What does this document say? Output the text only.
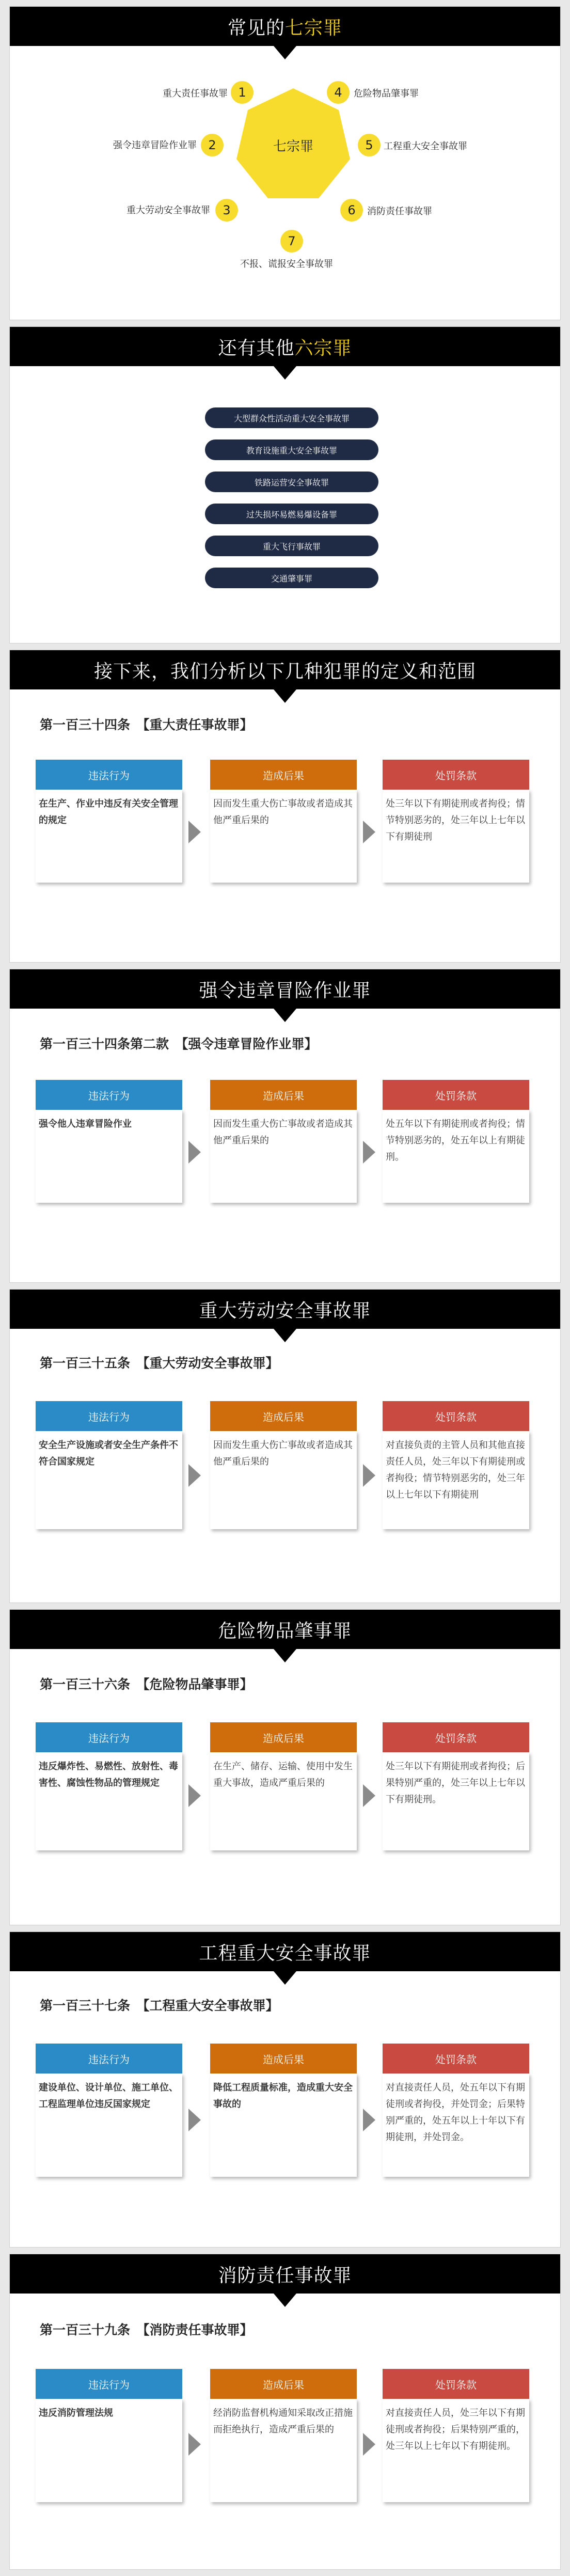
常见的 七宗罪
七宗罪
重大责任事故罪 1
强令违章冒险作业罪 2
重大劳动安全事故罪	3
4	危险物品肇事罪
5	工程重大安全事故罪
6	消防责任事故罪
7
不报、谎报安全事故罪
还有其他 六宗罪
大型群众性活动重大安全事故罪
教育设施重大安全事故罪
铁路运营安全事故罪
过失损坏易燃易爆设备罪
重大飞行事故罪
交通肇事罪
接下来，我们分析以下几种犯罪的定义和范围
第一百三十四条　【重大责任事故罪】
违法行为
在生产、作业中违反有关安全管理的规定
造成后果
因而发生重大伤亡事故或者造成其他严重后果的
处罚条款
处三年以下有期徒刑或者拘役；情节特别恶劣的，处三年以上七年以下有期徒刑
强令违章冒险作业罪
第一百三十四条第二款　【强令违章冒险作业罪】
违法行为
强令他人违章冒险作业
造成后果
因而发生重大伤亡事故或者造成其他严重后果的
处罚条款
处五年以下有期徒刑或者拘役；情节特别恶劣的，处五年以上有期徒刑。
重大劳动安全事故罪
第一百三十五条　【重大劳动安全事故罪】
违法行为
安全生产设施或者安全生产条件不符合国家规定
造成后果
因而发生重大伤亡事故或者造成其他严重后果的
处罚条款
对直接负责的主管人员和其他直接责任人员，处三年以下有期徒刑或者拘役；情节特别恶劣的，处三年以上七年以下有期徒刑
危险物品肇事罪
第一百三十六条　【危险物品肇事罪】
违法行为
违反爆炸性、易燃性、放射性、毒害性、腐蚀性物品的管理规定
造成后果
在生产、储存、运输、使用中发生重大事故，造成严重后果的
处罚条款
处三年以下有期徒刑或者拘役；后果特别严重的，处三年以上七年以下有期徒刑。
工程重大安全事故罪
第一百三十七条　【工程重大安全事故罪】
违法行为
建设单位、设计单位、施工单位、工程监理单位违反国家规定
造成后果
降低工程质量标准，造成重大安全事故的
处罚条款
对直接责任人员，处五年以下有期徒刑或者拘役，并处罚金；后果特别严重的，处五年以上十年以下有期徒刑，并处罚金。
消防责任事故罪
第一百三十九条　【消防责任事故罪】
违法行为
违反消防管理法规
造成后果
经消防监督机构通知采取改正措施而拒绝执行，造成严重后果的
处罚条款
对直接责任人员，处三年以下有期徒刑或者拘役；后果特别严重的，处三年以上七年以下有期徒刑。
